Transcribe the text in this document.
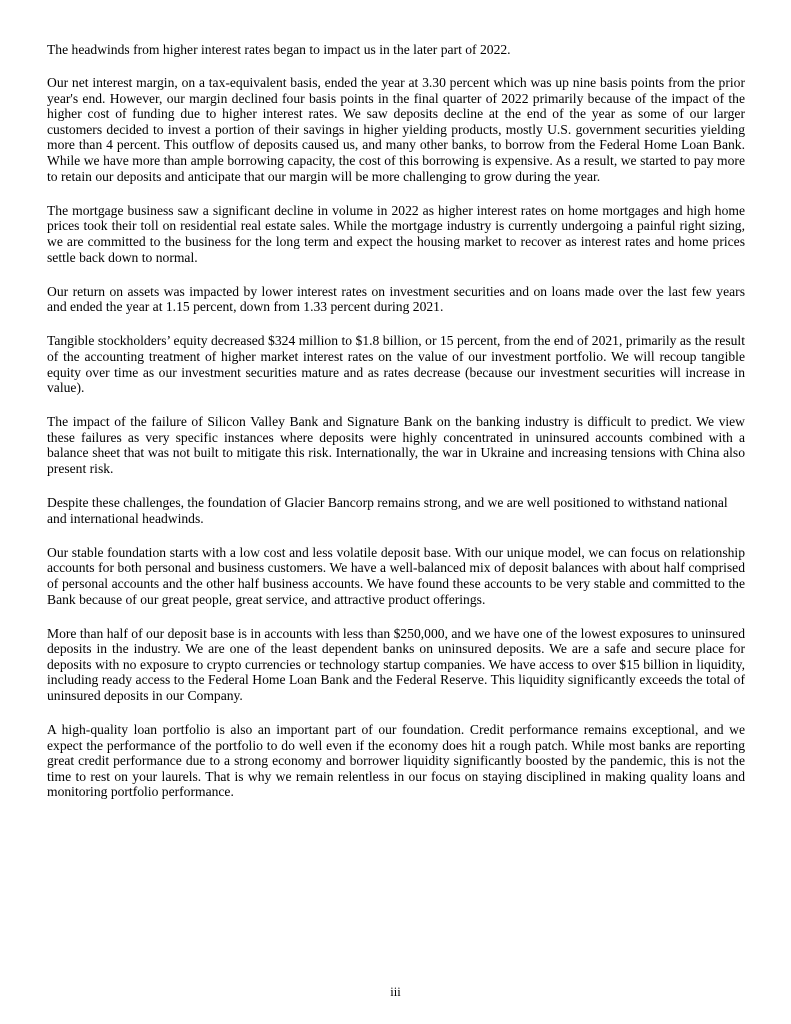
The headwinds from higher interest rates began to impact us in the later part of 2022.

Our net interest margin, on a tax-equivalent basis, ended the year at 3.30 percent which was up nine basis points from the prior year's end. However, our margin declined four basis points in the final quarter of 2022 primarily because of the impact of the higher cost of funding due to higher interest rates. We saw deposits decline at the end of the year as some of our larger customers decided to invest a portion of their savings in higher yielding products, mostly U.S. government securities yielding more than 4 percent. This outflow of deposits caused us, and many other banks, to borrow from the Federal Home Loan Bank. While we have more than ample borrowing capacity, the cost of this borrowing is expensive. As a result, we started to pay more to retain our deposits and anticipate that our margin will be more challenging to grow during the year.

The mortgage business saw a significant decline in volume in 2022 as higher interest rates on home mortgages and high home prices took their toll on residential real estate sales. While the mortgage industry is currently undergoing a painful right sizing, we are committed to the business for the long term and expect the housing market to recover as interest rates and home prices settle back down to normal.

Our return on assets was impacted by lower interest rates on investment securities and on loans made over the last few years and ended the year at 1.15 percent, down from 1.33 percent during 2021.

Tangible stockholders’ equity decreased $324 million to $1.8 billion, or 15 percent, from the end of 2021, primarily as the result of the accounting treatment of higher market interest rates on the value of our investment portfolio. We will recoup tangible equity over time as our investment securities mature and as rates decrease (because our investment securities will increase in value).

The impact of the failure of Silicon Valley Bank and Signature Bank on the banking industry is difficult to predict. We view these failures as very specific instances where deposits were highly concentrated in uninsured accounts combined with a balance sheet that was not built to mitigate this risk. Internationally, the war in Ukraine and increasing tensions with China also present risk.

Despite these challenges, the foundation of Glacier Bancorp remains strong, and we are well positioned to withstand national and international headwinds.

Our stable foundation starts with a low cost and less volatile deposit base. With our unique model, we can focus on relationship accounts for both personal and business customers. We have a well-balanced mix of deposit balances with about half comprised of personal accounts and the other half business accounts. We have found these accounts to be very stable and committed to the Bank because of our great people, great service, and attractive product offerings.

More than half of our deposit base is in accounts with less than $250,000, and we have one of the lowest exposures to uninsured deposits in the industry. We are one of the least dependent banks on uninsured deposits. We are a safe and secure place for deposits with no exposure to crypto currencies or technology startup companies. We have access to over $15 billion in liquidity, including ready access to the Federal Home Loan Bank and the Federal Reserve. This liquidity significantly exceeds the total of uninsured deposits in our Company.

A high-quality loan portfolio is also an important part of our foundation. Credit performance remains exceptional, and we expect the performance of the portfolio to do well even if the economy does hit a rough patch. While most banks are reporting great credit performance due to a strong economy and borrower liquidity significantly boosted by the pandemic, this is not the time to rest on your laurels. That is why we remain relentless in our focus on staying disciplined in making quality loans and monitoring portfolio performance.

iii
